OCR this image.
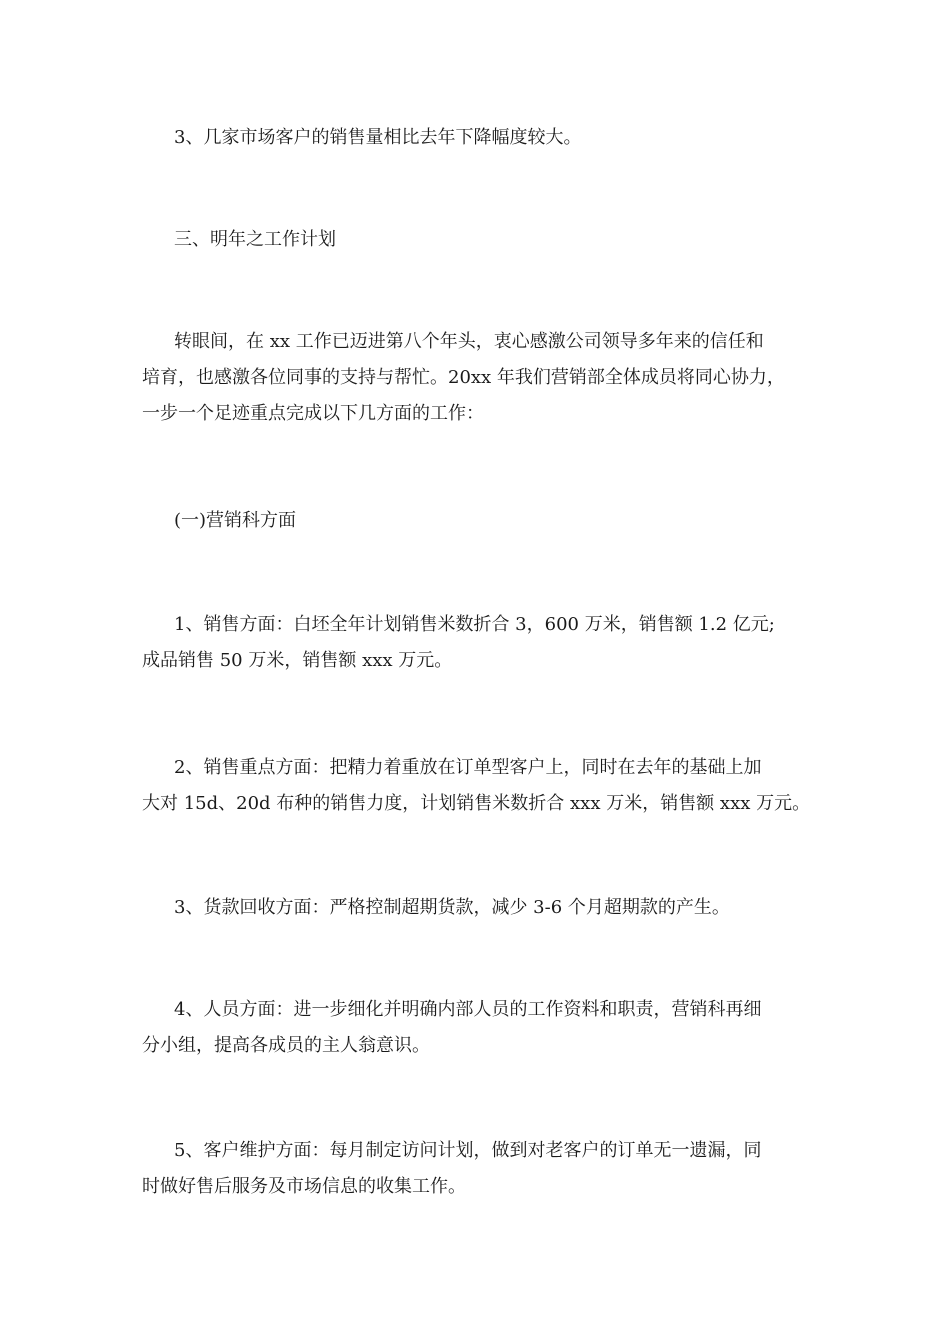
3、几家市场客户的销售量相比去年下降幅度较大。

三、明年之工作计划

转眼间，在 xx 工作已迈进第八个年头，衷心感激公司领导多年来的信任和
培育，也感激各位同事的支持与帮忙。20xx 年我们营销部全体成员将同心协力，
一步一个足迹重点完成以下几方面的工作：

(一)营销科方面

1、销售方面：白坯全年计划销售米数折合 3，600 万米，销售额 1.2 亿元;
成品销售 50 万米，销售额 xxx 万元。

2、销售重点方面：把精力着重放在订单型客户上，同时在去年的基础上加
大对 15d、20d 布种的销售力度，计划销售米数折合 xxx 万米，销售额 xxx 万元。

3、货款回收方面：严格控制超期货款，减少 3-6 个月超期款的产生。

4、人员方面：进一步细化并明确内部人员的工作资料和职责，营销科再细
分小组，提高各成员的主人翁意识。

5、客户维护方面：每月制定访问计划，做到对老客户的订单无一遗漏，同
时做好售后服务及市场信息的收集工作。
